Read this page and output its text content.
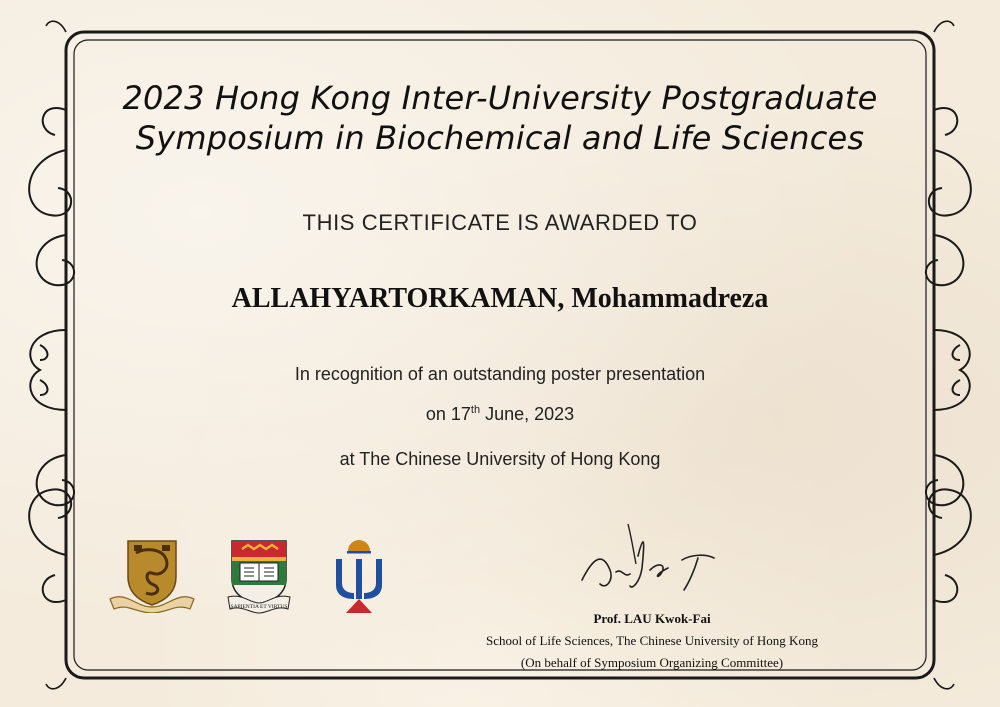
2023 Hong Kong Inter-University Postgraduate

Symposium in Biochemical and Life Sciences

THIS CERTIFICATE IS AWARDED TO

ALLAHYARTORKAMAN, Mohammadreza

In recognition of an outstanding poster presentation

on 17th June, 2023

at The Chinese University of Hong Kong

SAPIENTIA ET VIRTUS

Prof. LAU Kwok-Fai

School of Life Sciences, The Chinese University of Hong Kong

(On behalf of Symposium Organizing Committee)
